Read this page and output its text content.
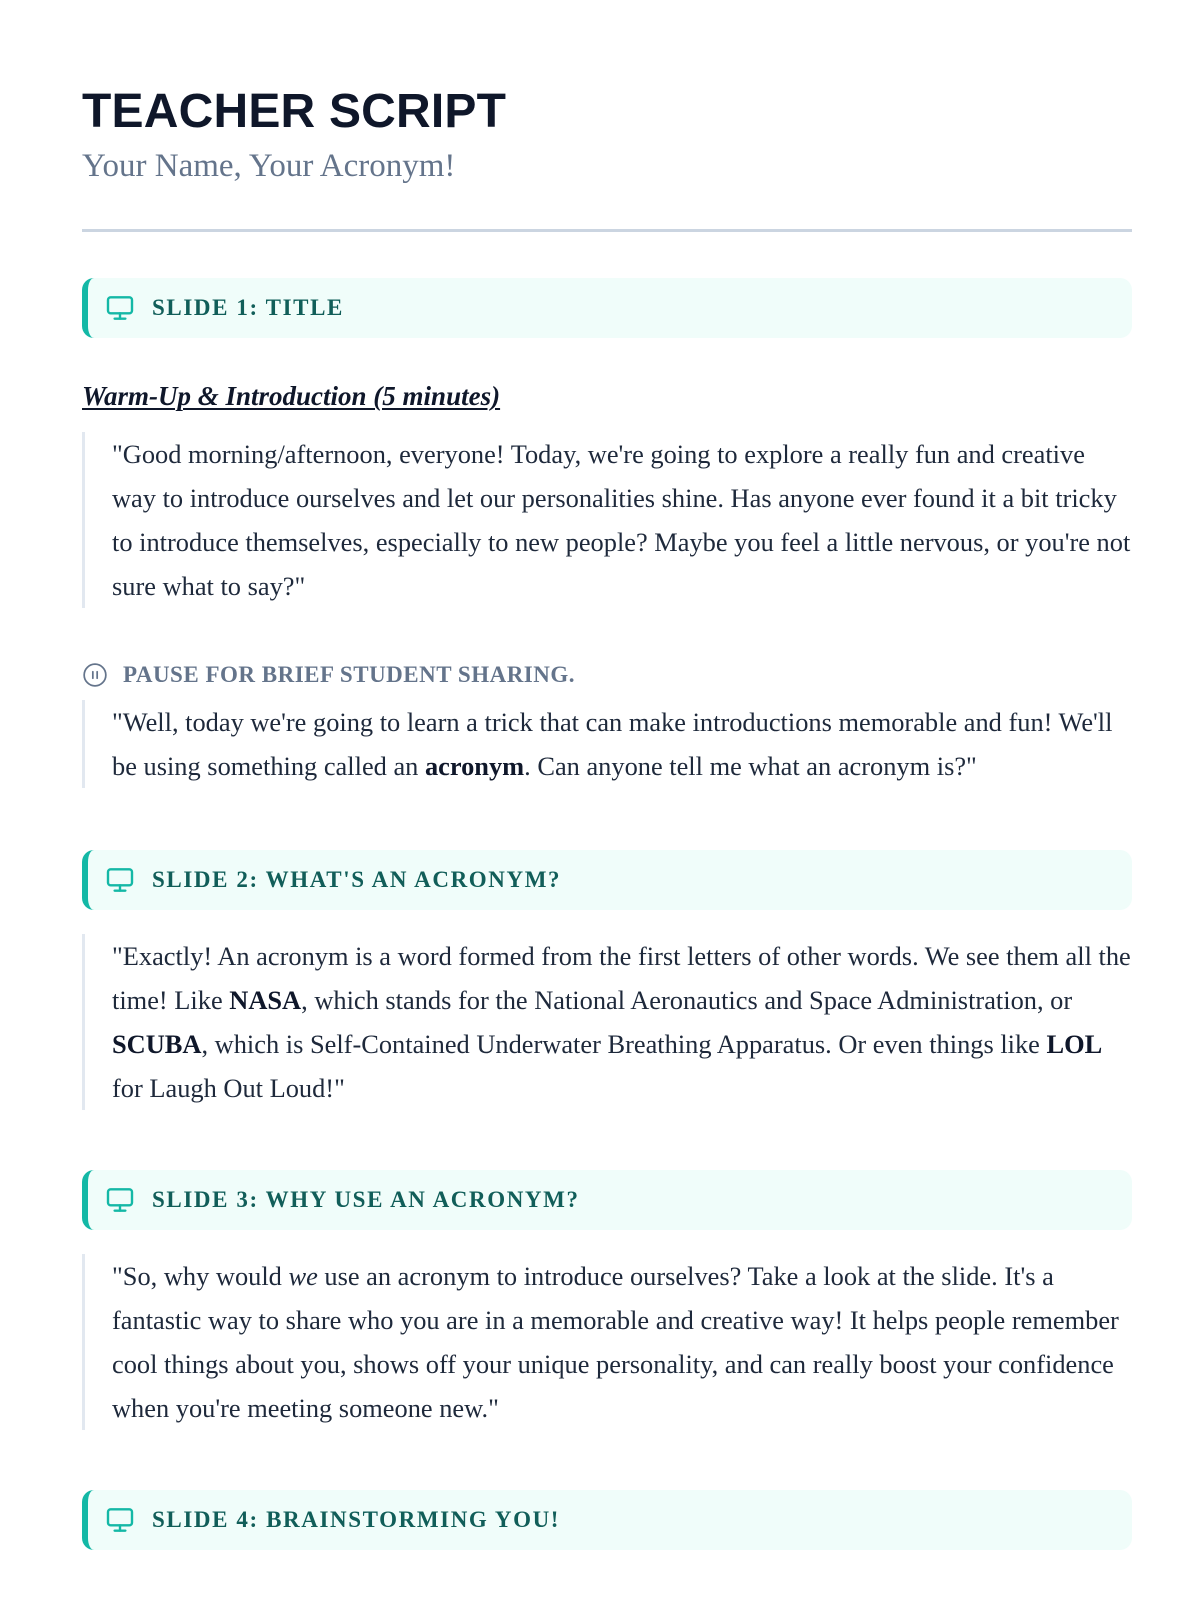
TEACHER SCRIPT
Your Name, Your Acronym!
SLIDE 1: TITLE
Warm-Up & Introduction (5 minutes)

"Good morning/afternoon, everyone! Today, we're going to explore a really fun and creative way to introduce ourselves and let our personalities shine. Has anyone ever found it a bit tricky to introduce themselves, especially to new people? Maybe you feel a little nervous, or you're not sure what to say?"

PAUSE FOR BRIEF STUDENT SHARING.

"Well, today we're going to learn a trick that can make introductions memorable and fun! We'll be using something called an acronym. Can anyone tell me what an acronym is?"

SLIDE 2: WHAT'S AN ACRONYM?

"Exactly! An acronym is a word formed from the first letters of other words. We see them all the time! Like NASA, which stands for the National Aeronautics and Space Administration, or SCUBA, which is Self-Contained Underwater Breathing Apparatus. Or even things like LOL for Laugh Out Loud!"

SLIDE 3: WHY USE AN ACRONYM?

"So, why would we use an acronym to introduce ourselves? Take a look at the slide. It's a fantastic way to share who you are in a memorable and creative way! It helps people remember cool things about you, shows off your unique personality, and can really boost your confidence when you're meeting someone new."

SLIDE 4: BRAINSTORMING YOU!
